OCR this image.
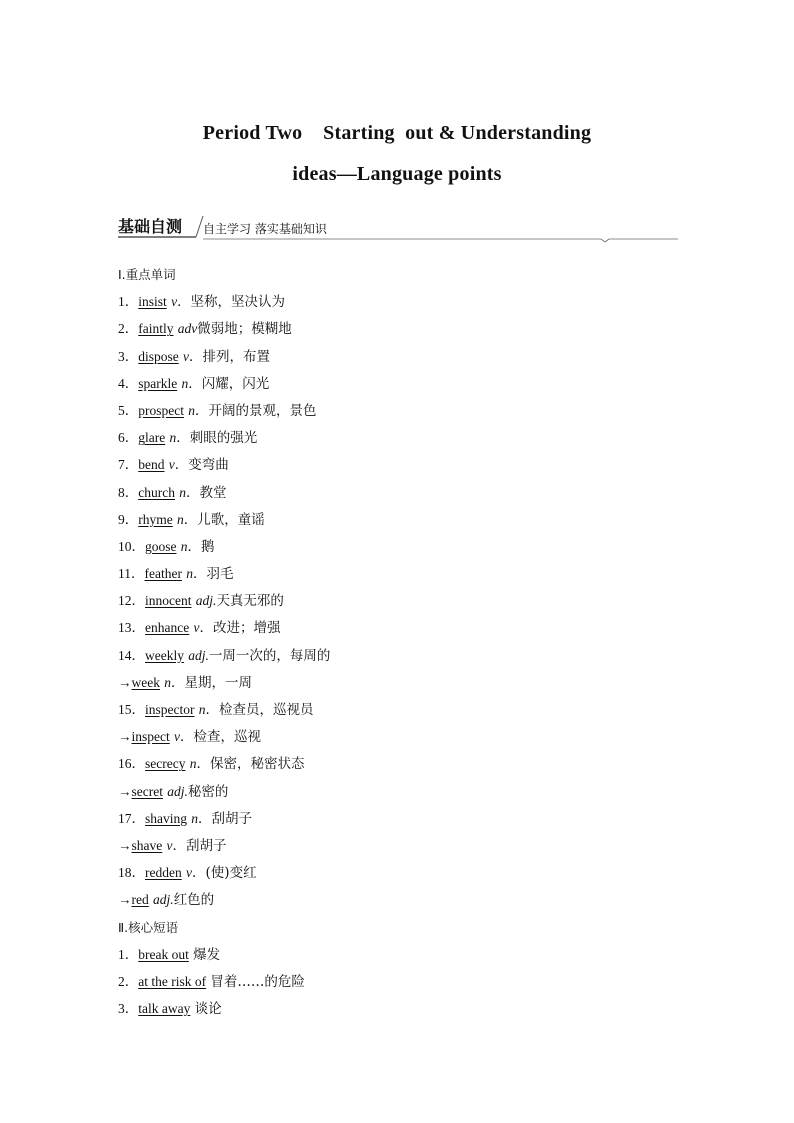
Period Two    Starting  out & Understanding
ideas—Language points
基础自测 自主学习 落实基础知识
Ⅰ.重点单词
1．insist v．坚称，坚决认为
2．faintly adv微弱地；模糊地
3．dispose v．排列，布置
4．sparkle n．闪耀，闪光
5．prospect n．开阔的景观，景色
6．glare n．刺眼的强光
7．bend v．变弯曲
8．church n．教堂
9．rhyme n．儿歌，童谣
10．goose n．鹅
11．feather n．羽毛
12．innocent adj.天真无邪的
13．enhance v．改进；增强
14．weekly adj.一周一次的，每周的
→week n．星期，一周
15．inspector n．检查员，巡视员
→inspect v．检查，巡视
16．secrecy n．保密，秘密状态
→secret adj.秘密的
17．shaving n．刮胡子
→shave v．刮胡子
18．redden v．(使)变红
→red adj.红色的
Ⅱ.核心短语
1．break out 爆发
2．at the risk of 冒着……的危险
3．talk away 谈论
